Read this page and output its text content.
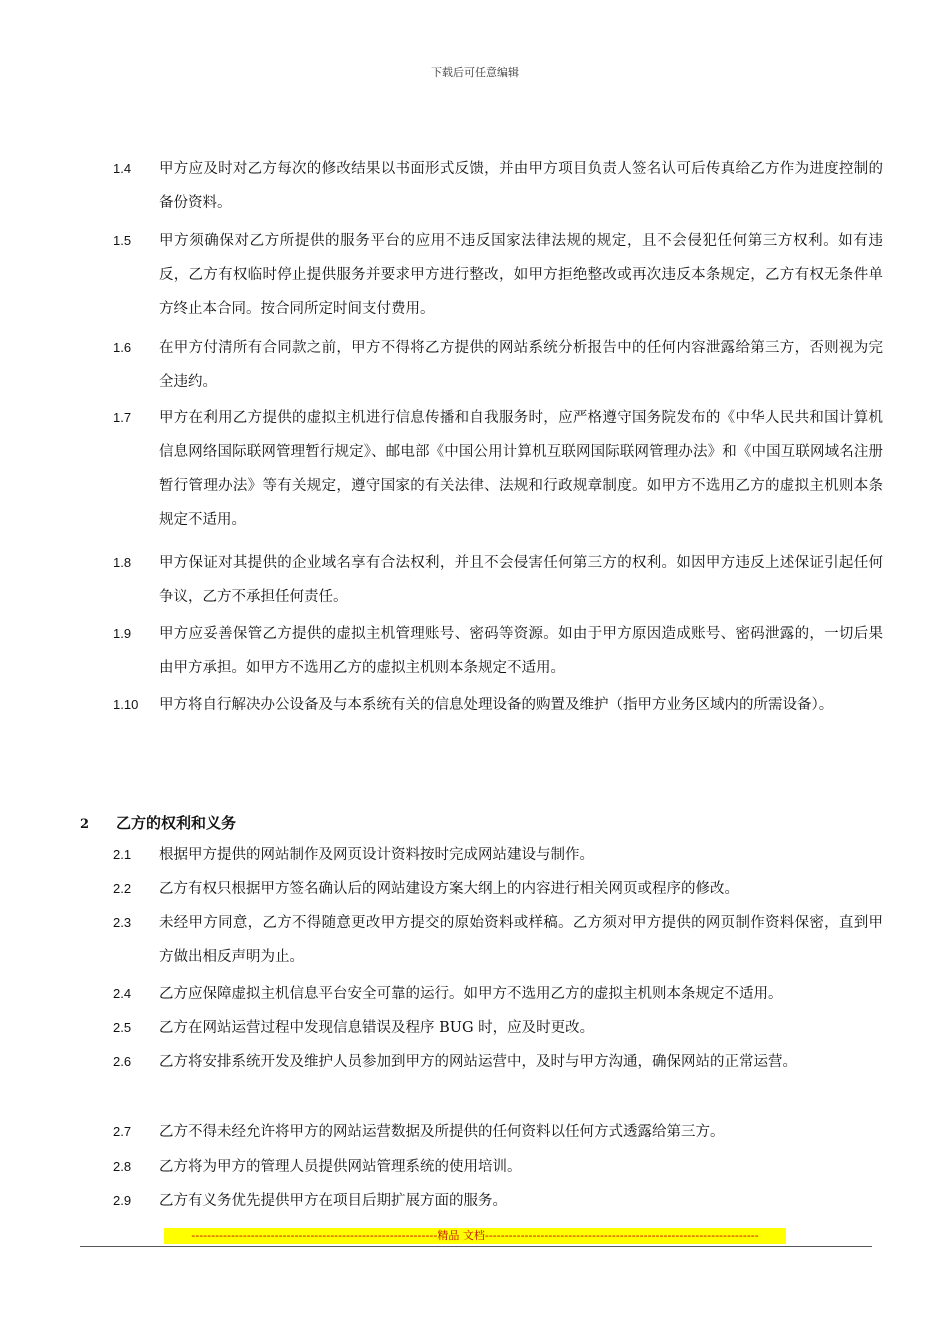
下载后可任意编辑
1.4	甲方应及时对乙方每次的修改结果以书面形式反馈，并由甲方项目负责人签名认可后传真给乙方作为进度控制的备份资料。
1.5	甲方须确保对乙方所提供的服务平台的应用不违反国家法律法规的规定，且不会侵犯任何第三方权利。如有违反，乙方有权临时停止提供服务并要求甲方进行整改，如甲方拒绝整改或再次违反本条规定，乙方有权无条件单方终止本合同。按合同所定时间支付费用。
1.6	在甲方付清所有合同款之前，甲方不得将乙方提供的网站系统分析报告中的任何内容泄露给第三方，否则视为完全违约。
1.7	甲方在利用乙方提供的虚拟主机进行信息传播和自我服务时，应严格遵守国务院发布的《中华人民共和国计算机信息网络国际联网管理暂行规定》、邮电部《中国公用计算机互联网国际联网管理办法》和《中国互联网域名注册暂行管理办法》等有关规定，遵守国家的有关法律、法规和行政规章制度。如甲方不选用乙方的虚拟主机则本条规定不适用。
1.8	甲方保证对其提供的企业域名享有合法权利，并且不会侵害任何第三方的权利。如因甲方违反上述保证引起任何争议，乙方不承担任何责任。
1.9	甲方应妥善保管乙方提供的虚拟主机管理账号、密码等资源。如由于甲方原因造成账号、密码泄露的，一切后果由甲方承担。如甲方不选用乙方的虚拟主机则本条规定不适用。
1.10	甲方将自行解决办公设备及与本系统有关的信息处理设备的购置及维护（指甲方业务区域内的所需设备）。
2 乙方的权利和义务
2.1	根据甲方提供的网站制作及网页设计资料按时完成网站建设与制作。
2.2	乙方有权只根据甲方签名确认后的网站建设方案大纲上的内容进行相关网页或程序的修改。
2.3	未经甲方同意，乙方不得随意更改甲方提交的原始资料或样稿。乙方须对甲方提供的网页制作资料保密，直到甲方做出相反声明为止。
2.4	乙方应保障虚拟主机信息平台安全可靠的运行。如甲方不选用乙方的虚拟主机则本条规定不适用。
2.5	乙方在网站运营过程中发现信息错误及程序 BUG 时，应及时更改。
2.6	乙方将安排系统开发及维护人员参加到甲方的网站运营中，及时与甲方沟通，确保网站的正常运营。
2.7	乙方不得未经允许将甲方的网站运营数据及所提供的任何资料以任何方式透露给第三方。
2.8	乙方将为甲方的管理人员提供网站管理系统的使用培训。
2.9	乙方有义务优先提供甲方在项目后期扩展方面的服务。
--------------------------------------------------------------精品 文档---------------------------------------------------------------------
